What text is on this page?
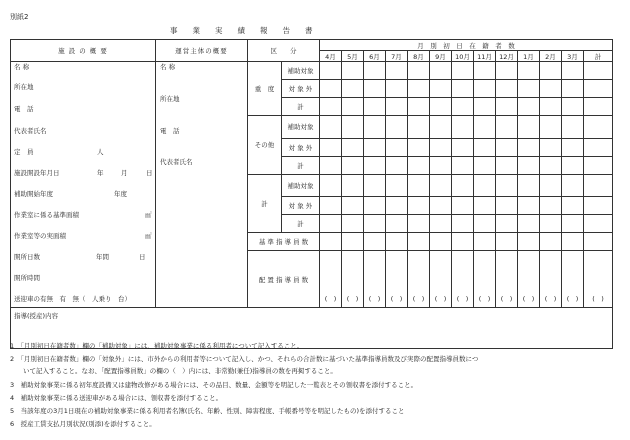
別紙2
事　　業　　実　　績　　報　　告　　書
施 設 の 概 要	運営主体の概要	区　　分		月　別　初　日　在　籍　者　数												
				4月	5月	6月	7月	8月	9月	10月	11月	12月	1月	2月	3月	計
		重　度	補助対象													
			対 象 外													
			計													
		その他	補助対象													
			対 象 外													
			計													
		計	補助対象													
			対 象 外													
			計													
		基 準 指 導 員 数														
		配 置 指 導 員 数														

				(　)	(　)	(　)	(　)	(　)	(　)	(　)	(　)	(　)	(　)	(　)	(　)	(　)
指導(授産)内容																
名 称
所在地
電　話
代表者氏名
定　員	人
施設開設年月日	年	月	日
補助開始年度	年度
作業室に係る基準面積	㎡
作業室等の実面積	㎡
開所日数	年間	日
開所時間
送迎車の有無　有　無（　人乗り　台）
名 称
所在地
電　話
代表者氏名
1　「月別初日在籍者数」欄の「補助対象」には、補助対象事業に係る利用者について記入すること。
2　「月別初日在籍者数」欄の「対象外」には、市外からの利用者等について記入し、かつ、それらの合計数に基づいた基準指導員数及び実際の配置指導員数につ
　　いて記入すること。なお、「配置指導員数」の欄の（　）内には、非常勤(兼任)指導員の数を再掲すること。
3　補助対象事業に係る初年度設備又は建物改修がある場合には、その品目、数量、金額等を明記した一覧表とその領収書を添付すること。
4　補助対象事業に係る送迎車がある場合には、領収書を添付すること。
5　当該年度の3月1日現在の補助対象事業に係る利用者名簿(氏名、年齢、性別、障害程度、手帳番号等を明記したもの)を添付すること
6　授産工賃支払月別状況(別添)を添付すること。
